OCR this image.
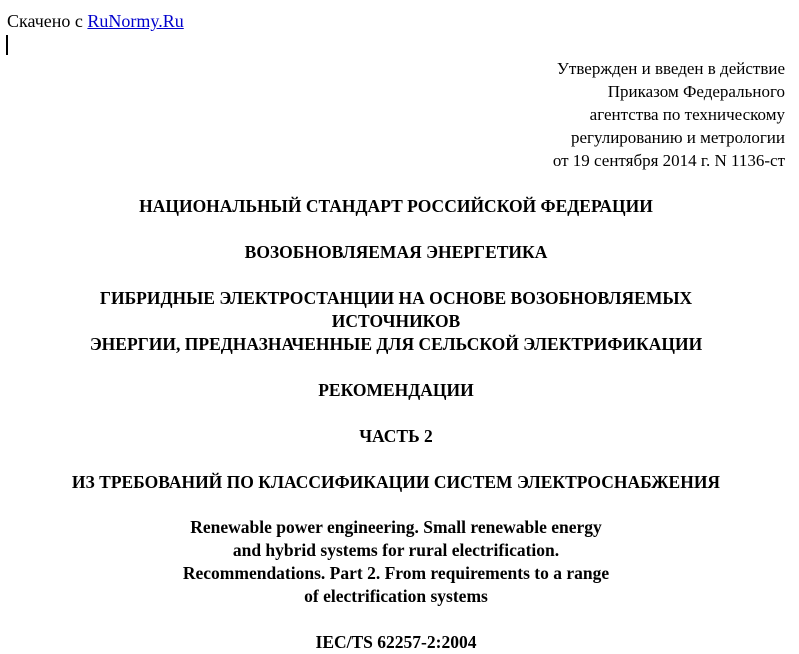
Скачено с RuNormy.Ru
Утвержден и введен в действие
Приказом Федерального
агентства по техническому
регулированию и метрологии
от 19 сентября 2014 г. N 1136-ст
НАЦИОНАЛЬНЫЙ СТАНДАРТ РОССИЙСКОЙ ФЕДЕРАЦИИ
ВОЗОБНОВЛЯЕМАЯ ЭНЕРГЕТИКА
ГИБРИДНЫЕ ЭЛЕКТРОСТАНЦИИ НА ОСНОВЕ ВОЗОБНОВЛЯЕМЫХ
ИСТОЧНИКОВ
ЭНЕРГИИ, ПРЕДНАЗНАЧЕННЫЕ ДЛЯ СЕЛЬСКОЙ ЭЛЕКТРИФИКАЦИИ
РЕКОМЕНДАЦИИ
ЧАСТЬ 2
ИЗ ТРЕБОВАНИЙ ПО КЛАССИФИКАЦИИ СИСТЕМ ЭЛЕКТРОСНАБЖЕНИЯ
Renewable power engineering. Small renewable energy
and hybrid systems for rural electrification.
Recommendations. Part 2. From requirements to a range
of electrification systems
IEC/TS 62257-2:2004
